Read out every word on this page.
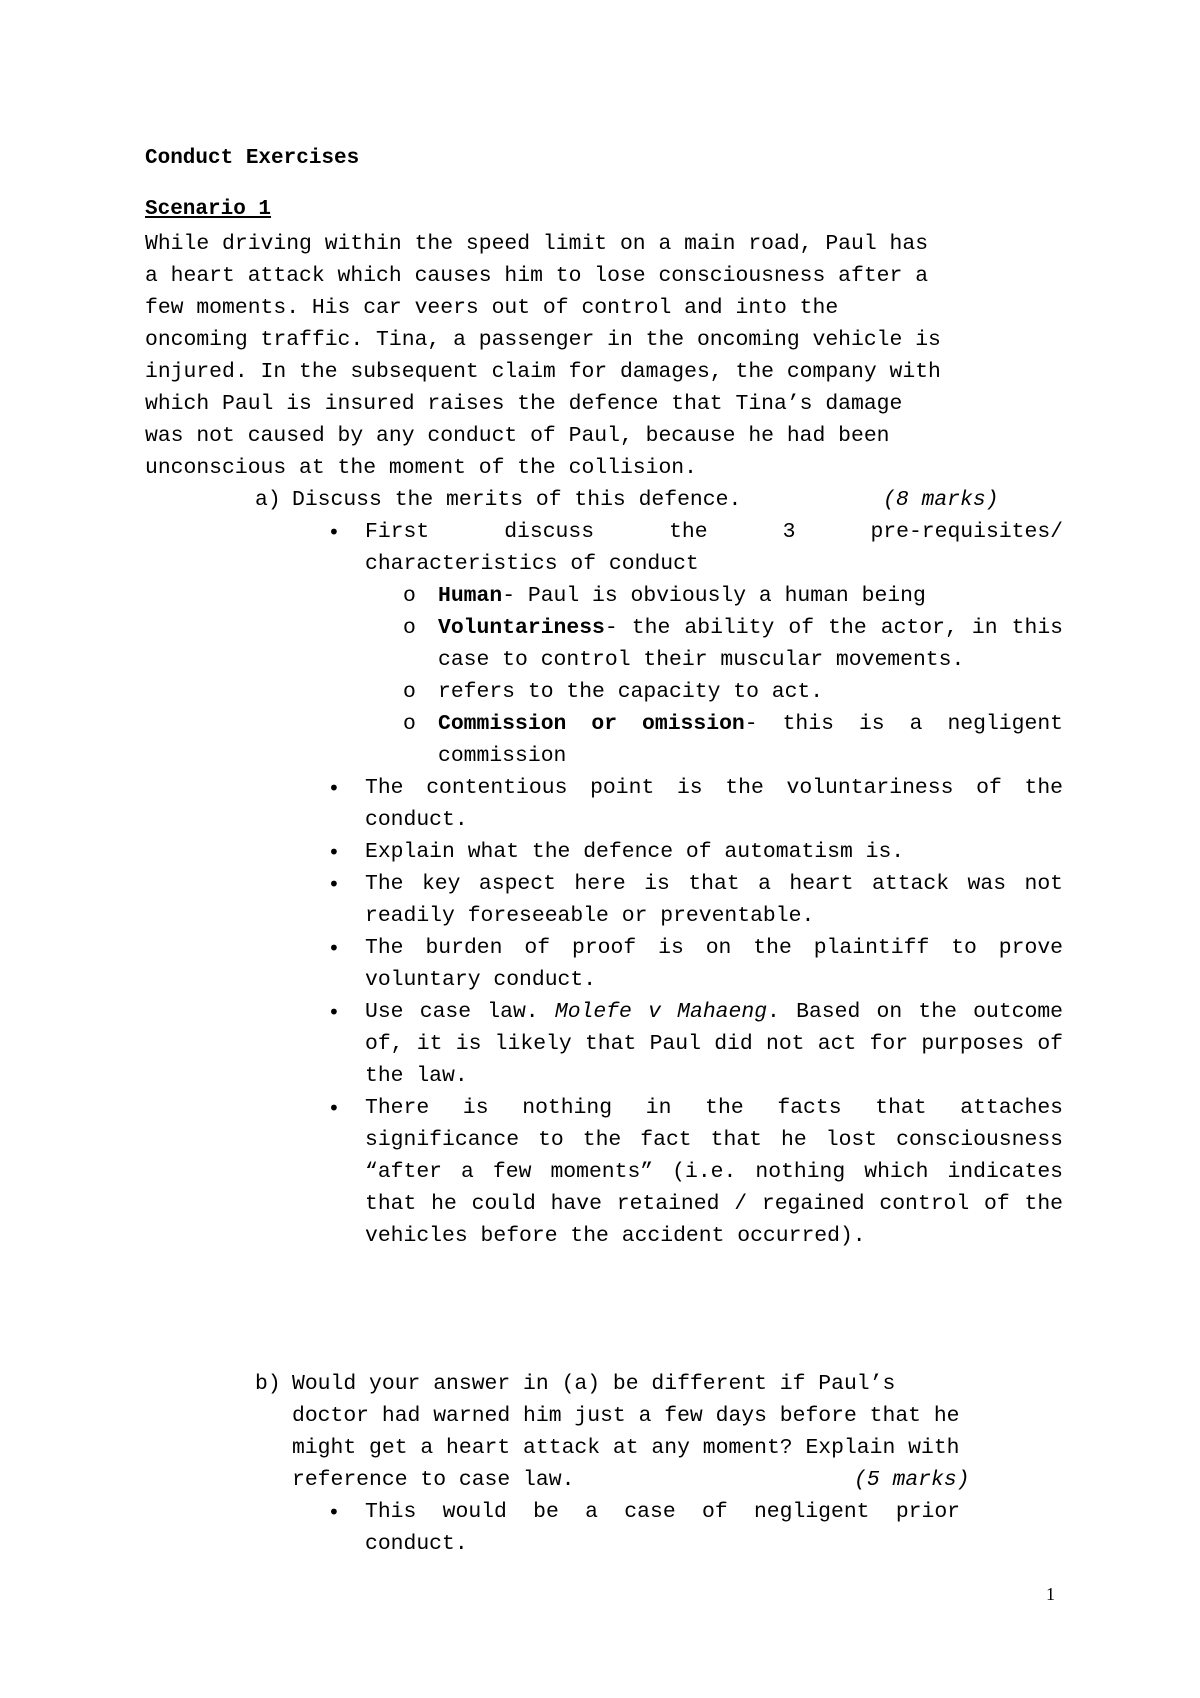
Conduct Exercises
Scenario 1

While driving within the speed limit on a main road, Paul has
a heart attack which causes him to lose consciousness after a
few moments. His car veers out of control and into the
oncoming traffic. Tina, a passenger in the oncoming vehicle is
injured. In the subsequent claim for damages, the company with
which Paul is insured raises the defence that Tina’s damage
was not caused by any conduct of Paul, because he had been
unconscious at the moment of the collision.

a) Discuss the merits of this defence.	(8 marks)
• First discuss the 3 pre-requisites/
characteristics of conduct
o Human- Paul is obviously a human being
o Voluntariness- the ability of the actor, in this case to control their muscular movements.
o refers to the capacity to act.
o Commission or omission- this is a negligent commission
• The contentious point is the voluntariness of the conduct.
• Explain what the defence of automatism is.
• The key aspect here is that a heart attack was not readily foreseeable or preventable.
• The burden of proof is on the plaintiff to prove voluntary conduct.
• Use case law. Molefe v Mahaeng. Based on the outcome of, it is likely that Paul did not act for purposes of the law.
• There is nothing in the facts that attaches significance to the fact that he lost consciousness “after a few moments” (i.e. nothing which indicates that he could have retained / regained control of the vehicles before the accident occurred).
b) Would your answer in (a) be different if Paul’s
doctor had warned him just a few days before that he
might get a heart attack at any moment? Explain with
reference to case law.	(5 marks)
• This would be a case of negligent prior conduct.
1
